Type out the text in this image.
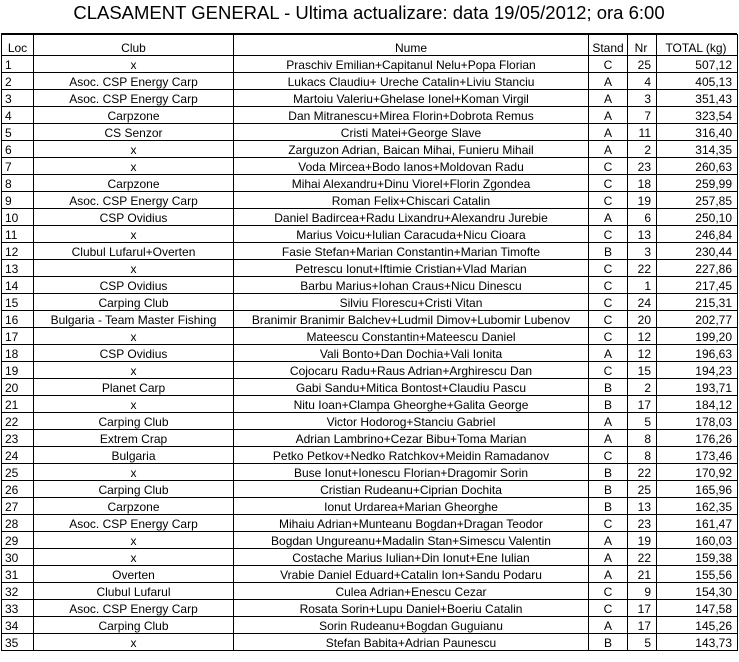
CLASAMENT GENERAL - Ultima actualizare: data 19/05/2012; ora 6:00
Loc	Club	Nume	Stand	Nr	TOTAL (kg)
1	x	Praschiv Emilian+Capitanul Nelu+Popa Florian	C	25	507,12
2	Asoc. CSP Energy Carp	Lukacs Claudiu+ Ureche Catalin+Liviu Stanciu	A	4	405,13
3	Asoc. CSP Energy Carp	Martoiu Valeriu+Ghelase Ionel+Koman Virgil	A	3	351,43
4	Carpzone	Dan Mitranescu+Mirea Florin+Dobrota Remus	A	7	323,54
5	CS Senzor	Cristi Matei+George Slave	A	11	316,40
6	x	Zarguzon Adrian, Baican Mihai, Funieru Mihail	A	2	314,35
7	x	Voda Mircea+Bodo Ianos+Moldovan Radu	C	23	260,63
8	Carpzone	Mihai Alexandru+Dinu Viorel+Florin Zgondea	C	18	259,99
9	Asoc. CSP Energy Carp	Roman Felix+Chiscari Catalin	C	19	257,85
10	CSP Ovidius	Daniel Badircea+Radu Lixandru+Alexandru Jurebie	A	6	250,10
11	x	Marius Voicu+Iulian Caracuda+Nicu Cioara	C	13	246,84
12	Clubul Lufarul+Overten	Fasie Stefan+Marian Constantin+Marian Timofte	B	3	230,44
13	x	Petrescu Ionut+Iftimie Cristian+Vlad Marian	C	22	227,86
14	CSP Ovidius	Barbu Marius+Iohan Craus+Nicu Dinescu	C	1	217,45
15	Carping Club	Silviu Florescu+Cristi Vitan	C	24	215,31
16	Bulgaria - Team Master Fishing	Branimir Branimir Balchev+Ludmil Dimov+Lubomir Lubenov	C	20	202,77
17	x	Mateescu Constantin+Mateescu Daniel	C	12	199,20
18	CSP Ovidius	Vali Bonto+Dan Dochia+Vali Ionita	A	12	196,63
19	x	Cojocaru Radu+Raus Adrian+Arghirescu Dan	C	15	194,23
20	Planet Carp	Gabi Sandu+Mitica Bontost+Claudiu Pascu	B	2	193,71
21	x	Nitu Ioan+Clampa Gheorghe+Galita George	B	17	184,12
22	Carping Club	Victor Hodorog+Stanciu Gabriel	A	5	178,03
23	Extrem Crap	Adrian Lambrino+Cezar Bibu+Toma Marian	A	8	176,26
24	Bulgaria	Petko Petkov+Nedko Ratchkov+Meidin Ramadanov	C	8	173,46
25	x	Buse Ionut+Ionescu Florian+Dragomir Sorin	B	22	170,92
26	Carping Club	Cristian Rudeanu+Ciprian Dochita	B	25	165,96
27	Carpzone	Ionut Urdarea+Marian Gheorghe	B	13	162,35
28	Asoc. CSP Energy Carp	Mihaiu Adrian+Munteanu Bogdan+Dragan Teodor	C	23	161,47
29	x	Bogdan Ungureanu+Madalin Stan+Simescu Valentin	A	19	160,03
30	x	Costache Marius Iulian+Din Ionut+Ene Iulian	A	22	159,38
31	Overten	Vrabie Daniel Eduard+Catalin Ion+Sandu Podaru	A	21	155,56
32	Clubul Lufarul	Culea Adrian+Enescu Cezar	C	9	154,30
33	Asoc. CSP Energy Carp	Rosata Sorin+Lupu Daniel+Boeriu Catalin	C	17	147,58
34	Carping Club	Sorin Rudeanu+Bogdan Guguianu	A	17	145,26
35	x	Stefan Babita+Adrian Paunescu	B	5	143,73
